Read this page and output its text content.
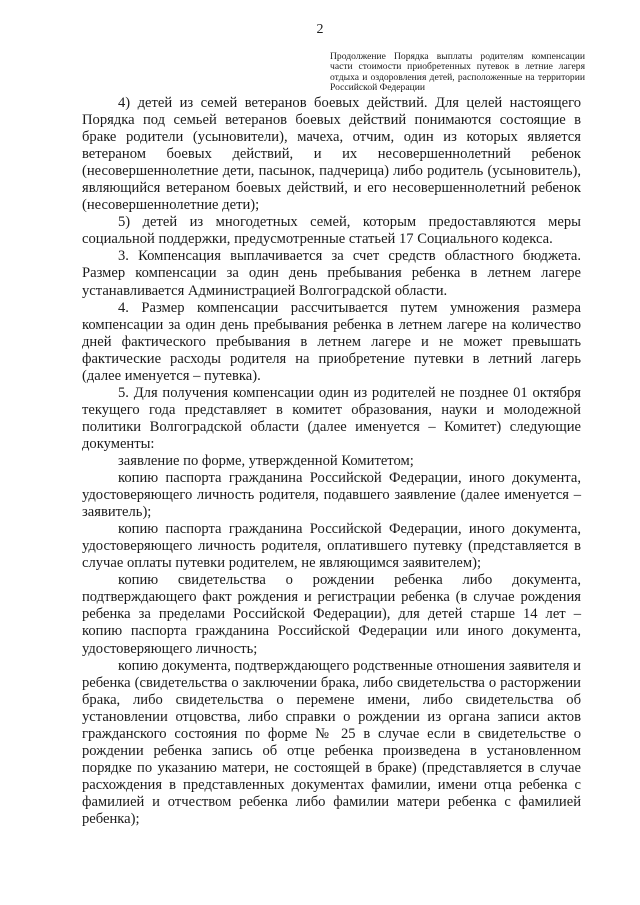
2
Продолжение Порядка выплаты родителям компенсации части стоимости приобретенных путевок в летние лагеря отдыха и оздоровления детей, расположенные на территории Российской Федерации

4) детей из семей ветеранов боевых действий. Для целей настоящего Порядка под семьей ветеранов боевых действий понимаются состоящие в браке родители (усыновители), мачеха, отчим, один из которых является ветераном боевых действий, и их несовершеннолетний ребенок (несовершеннолетние дети, пасынок, падчерица) либо родитель (усыновитель), являющийся ветераном боевых действий, и его несовершеннолетний ребенок (несовершеннолетние дети);

5) детей из многодетных семей, которым предоставляются меры социальной поддержки, предусмотренные статьей 17 Социального кодекса.

3. Компенсация выплачивается за счет средств областного бюджета. Размер компенсации за один день пребывания ребенка в летнем лагере устанавливается Администрацией Волгоградской области.

4. Размер компенсации рассчитывается путем умножения размера компенсации за один день пребывания ребенка в летнем лагере на количество дней фактического пребывания в летнем лагере и не может превышать фактические расходы родителя на приобретение путевки в летний лагерь (далее именуется – путевка).

5. Для получения компенсации один из родителей не позднее 01 октября текущего года представляет в комитет образования, науки и молодежной политики Волгоградской области (далее именуется – Комитет) следующие документы:

заявление по форме, утвержденной Комитетом;

копию паспорта гражданина Российской Федерации, иного документа, удостоверяющего личность родителя, подавшего заявление (далее именуется – заявитель);

копию паспорта гражданина Российской Федерации, иного документа, удостоверяющего личность родителя, оплатившего путевку (представляется в случае оплаты путевки родителем, не являющимся заявителем);

копию свидетельства о рождении ребенка либо документа, подтверждающего факт рождения и регистрации ребенка (в случае рождения ребенка за пределами Российской Федерации), для детей старше 14 лет – копию паспорта гражданина Российской Федерации или иного документа, удостоверяющего личность;

копию документа, подтверждающего родственные отношения заявителя и ребенка (свидетельства о заключении брака, либо свидетельства о расторжении брака, либо свидетельства о перемене имени, либо свидетельства об установлении отцовства, либо справки о рождении из органа записи актов гражданского состояния по форме № 25 в случае если в свидетельстве о рождении ребенка запись об отце ребенка произведена в установленном порядке по указанию матери, не состоящей в браке) (представляется в случае расхождения в представленных документах фамилии, имени отца ребенка с фамилией и отчеством ребенка либо фамилии матери ребенка с фамилией ребенка);
